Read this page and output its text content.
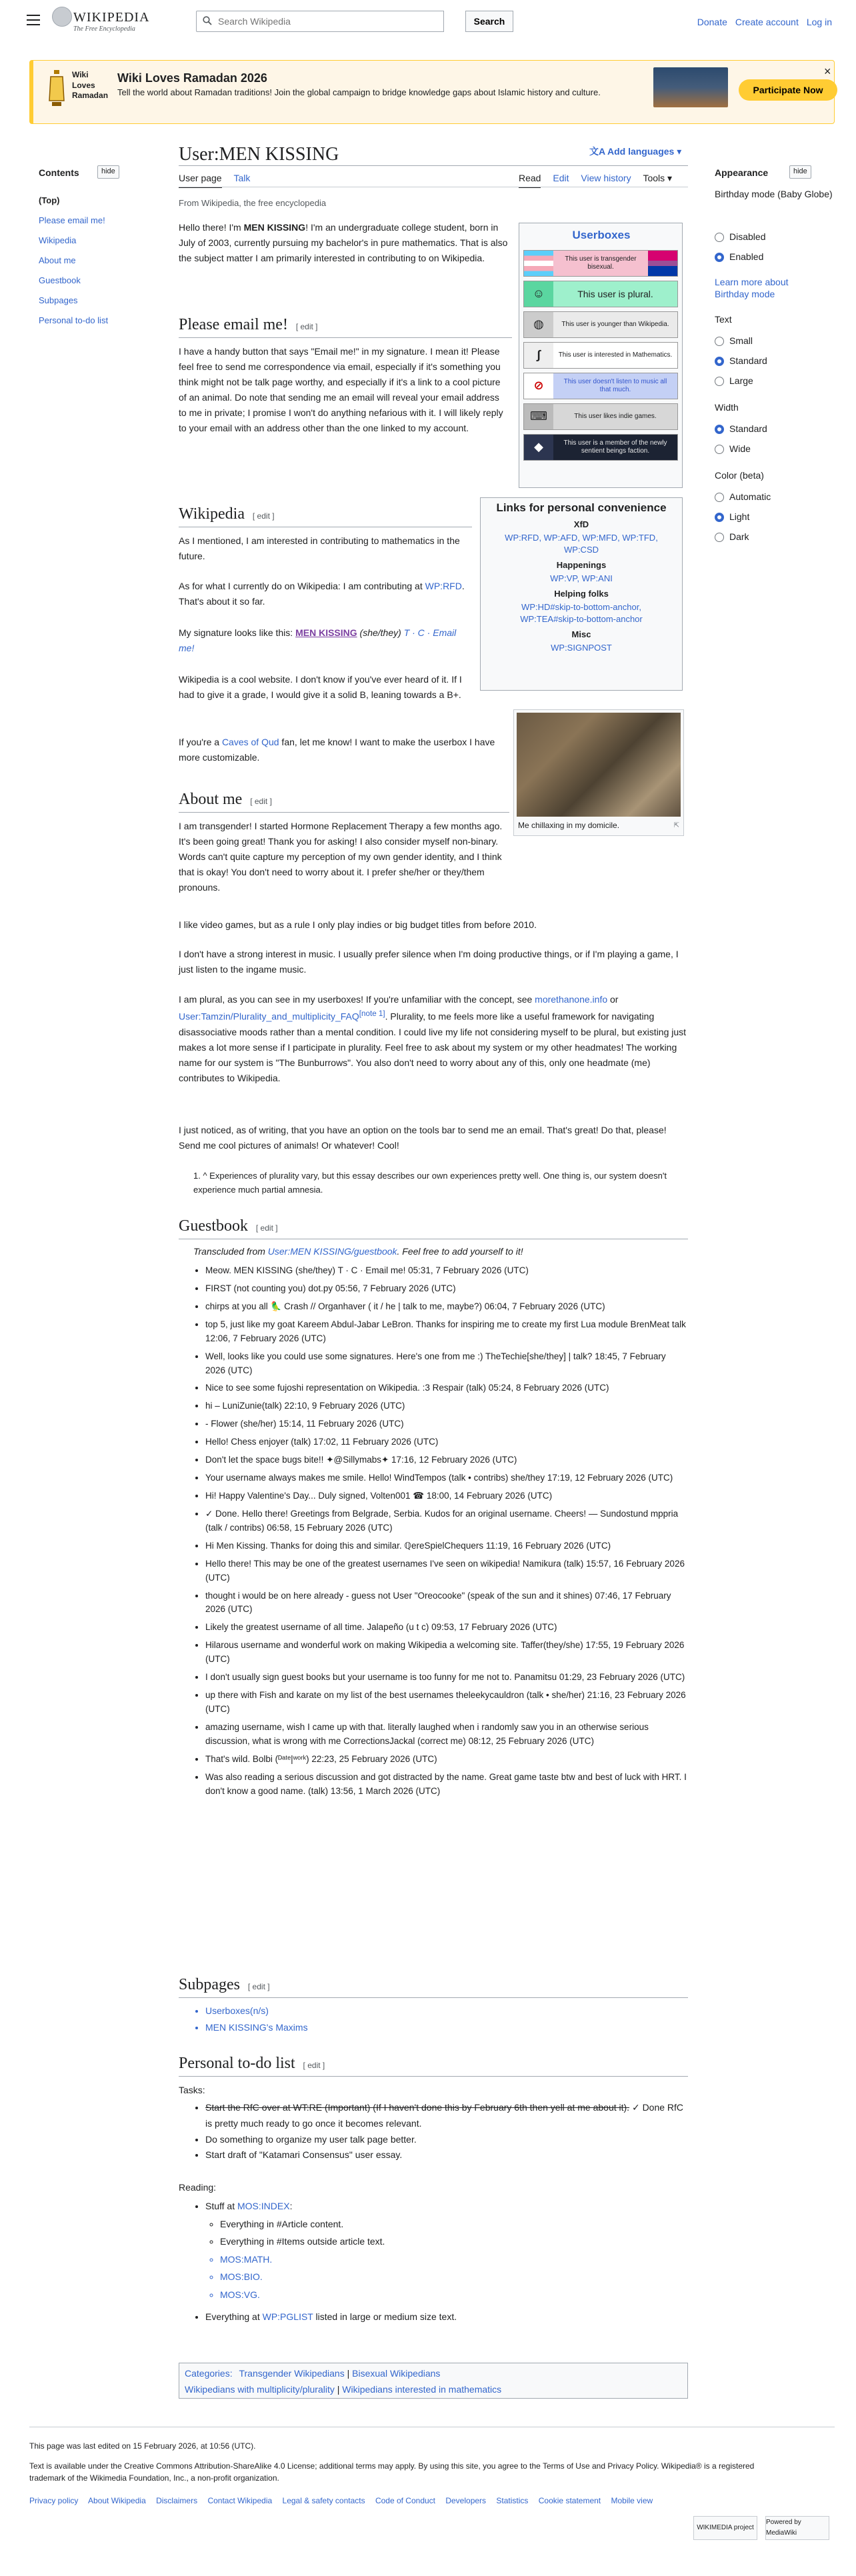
WIKIPEDIA
The Free Encyclopedia
Search Wikipedia
Search	Donate Create account Log in
Wiki
Loves
Ramadan
Wiki Loves Ramadan 2026
Tell the world about Ramadan traditions! Join the global campaign to bridge knowledge gaps about Islamic history and culture.	Participate Now
×
Contents	hide
(Top)
Please email me!
Wikipedia
About me
Guestbook
Subpages
Personal to-do list
User:MEN KISSING	文A Add languages ▾
User page Talk	Read Edit View history Tools ▾
From Wikipedia, the free encyclopedia
Userboxes
This user is transgender bisexual.
☺	This user is plural.
◍	This user is younger than Wikipedia.
∫	This user is interested in Mathematics.
⊘	This user doesn't listen to music all that much.
⌨	This user likes indie games.
◆	This user is a member of the newly sentient beings faction.
Hello there! I'm MEN KISSING! I'm an undergraduate college student, born in July of 2003, currently pursuing my bachelor's in pure mathematics. That is also the subject matter I am primarily interested in contributing to on Wikipedia.
Please email me! [ edit ]
I have a handy button that says "Email me!" in my signature. I mean it! Please feel free to send me correspondence via email, especially if it's something you think might not be talk page worthy, and especially if it's a link to a cool picture of an animal. Do note that sending me an email will reveal your email address to me in private; I promise I won't do anything nefarious with it. I will likely reply to your email with an address other than the one linked to my account.
Wikipedia [ edit ]
As I mentioned, I am interested in contributing to mathematics in the future.
As for what I currently do on Wikipedia: I am contributing at WP:RFD. That's about it so far.
My signature looks like this: MEN KISSING (she/they) T · C · Email me!
Wikipedia is a cool website. I don't know if you've ever heard of it. If I had to give it a grade, I would give it a solid B, leaning towards a B+.
If you're a Caves of Qud fan, let me know! I want to make the userbox I have more customizable.
Links for personal convenience
XfD
WP:RFD, WP:AFD, WP:MFD, WP:TFD, WP:CSD
Happenings
WP:VP, WP:ANI
Helping folks
WP:HD#skip-to-bottom-anchor, WP:TEA#skip-to-bottom-anchor
Misc
WP:SIGNPOST
Me chillaxing in my domicile.	⇱
About me [ edit ]
I am transgender! I started Hormone Replacement Therapy a few months ago. It's been going great! Thank you for asking! I also consider myself non-binary. Words can't quite capture my perception of my own gender identity, and I think that is okay! You don't need to worry about it. I prefer she/her or they/them pronouns.
I like video games, but as a rule I only play indies or big budget titles from before 2010.
I don't have a strong interest in music. I usually prefer silence when I'm doing productive things, or if I'm playing a game, I just listen to the ingame music.
I am plural, as you can see in my userboxes! If you're unfamiliar with the concept, see morethanone.info or User:Tamzin/Plurality_and_multiplicity_FAQ[note 1]. Plurality, to me feels more like a useful framework for navigating disassociative moods rather than a mental condition. I could live my life not considering myself to be plural, but existing just makes a lot more sense if I participate in plurality. Feel free to ask about my system or my other headmates! The working name for our system is "The Bunburrows". You also don't need to worry about any of this, only one headmate (me) contributes to Wikipedia.
I just noticed, as of writing, that you have an option on the tools bar to send me an email. That's great! Do that, please! Send me cool pictures of animals! Or whatever! Cool!
1. ^ Experiences of plurality vary, but this essay describes our own experiences pretty well. One thing is, our system doesn't experience much partial amnesia.
Guestbook [ edit ]
Transcluded from User:MEN KISSING/guestbook. Feel free to add yourself to it!
• Meow. MEN KISSING (she/they) T · C · Email me! 05:31, 7 February 2026 (UTC)
• FIRST (not counting you) dot.py 05:56, 7 February 2026 (UTC)
• chirps at you all 🦜 Crash // Organhaver ( it / he | talk to me, maybe?) 06:04, 7 February 2026 (UTC)
• top 5, just like my goat Kareem Abdul-Jabar LeBron. Thanks for inspiring me to create my first Lua module BrenMeat talk 12:06, 7 February 2026 (UTC)
• Well, looks like you could use some signatures. Here's one from me :) TheTechie[she/they] | talk? 18:45, 7 February 2026 (UTC)
• Nice to see some fujoshi representation on Wikipedia. :3 Respair (talk) 05:24, 8 February 2026 (UTC)
• hi – LuniZunie(talk) 22:10, 9 February 2026 (UTC)
• - Flower (she/her) 15:14, 11 February 2026 (UTC)
• Hello! Chess enjoyer (talk) 17:02, 11 February 2026 (UTC)
• Don't let the space bugs bite!! ✦@Sillymabs✦ 17:16, 12 February 2026 (UTC)
• Your username always makes me smile. Hello! WindTempos (talk • contribs) she/they 17:19, 12 February 2026 (UTC)
• Hi! Happy Valentine's Day... Duly signed, Volten001 ☎ 18:00, 14 February 2026 (UTC)
• ✓ Done. Hello there! Greetings from Belgrade, Serbia. Kudos for an original username. Cheers! — Sundostund mppria (talk / contribs) 06:58, 15 February 2026 (UTC)
• Hi Men Kissing. Thanks for doing this and similar. ℚereSpielChequers 11:19, 16 February 2026 (UTC)
• Hello there! This may be one of the greatest usernames I've seen on wikipedia! Namikura (talk) 15:57, 16 February 2026 (UTC)
• thought i would be on here already - guess not User "Oreocooke" (speak of the sun and it shines) 07:46, 17 February 2026 (UTC)
• Likely the greatest username of all time. Jalapeño (u t c) 09:53, 17 February 2026 (UTC)
• Hilarous username and wonderful work on making Wikipedia a welcoming site. Taffer(they/she) 17:55, 19 February 2026 (UTC)
• I don't usually sign guest books but your username is too funny for me not to. Panamitsu 01:29, 23 February 2026 (UTC)
• up there with Fish and karate on my list of the best usernames theleekycauldron (talk • she/her) 21:16, 23 February 2026 (UTC)
• amazing username, wish I came up with that. literally laughed when i randomly saw you in an otherwise serious discussion, what is wrong with me CorrectionsJackal (correct me) 08:12, 25 February 2026 (UTC)
• That's wild. Bolbi (ᴰᵃᵗᵉ|ʷᵒʳᵏ) 22:23, 25 February 2026 (UTC)
• Was also reading a serious discussion and got distracted by the name. Great game taste btw and best of luck with HRT. I don't know a good name. (talk) 13:56, 1 March 2026 (UTC)
Subpages [ edit ]
• Userboxes(n/s)
• MEN KISSING's Maxims
Personal to-do list [ edit ]
Tasks:
• Start the RfC over at WT:RE (Important) (If I haven't done this by February 6th then yell at me about it). ✓ Done RfC is pretty much ready to go once it becomes relevant.
• Do something to organize my user talk page better.
• Start draft of "Katamari Consensus" user essay.
Reading:
• Stuff at MOS:INDEX:
◦ Everything in #Article content.
◦ Everything in #Items outside article text.
◦ MOS:MATH.
◦ MOS:BIO.
◦ MOS:VG.
• Everything at WP:PGLIST listed in large or medium size text.
Categories: Transgender Wikipedians | Bisexual Wikipedians
Wikipedians with multiplicity/plurality | Wikipedians interested in mathematics
Appearance	hide
Birthday mode (Baby Globe)
Disabled
Enabled
Learn more about Birthday mode
Text
Small
Standard
Large
Width
Standard
Wide
Color (beta)
Automatic
Light
Dark
This page was last edited on 15 February 2026, at 10:56 (UTC).
Text is available under the Creative Commons Attribution-ShareAlike 4.0 License; additional terms may apply. By using this site, you agree to the Terms of Use and Privacy Policy. Wikipedia® is a registered trademark of the Wikimedia Foundation, Inc., a non-profit organization.
Privacy policy About Wikipedia Disclaimers Contact Wikipedia Legal & safety contacts Code of Conduct Developers Statistics Cookie statement Mobile view
WIKIMEDIA project
Powered by MediaWiki
